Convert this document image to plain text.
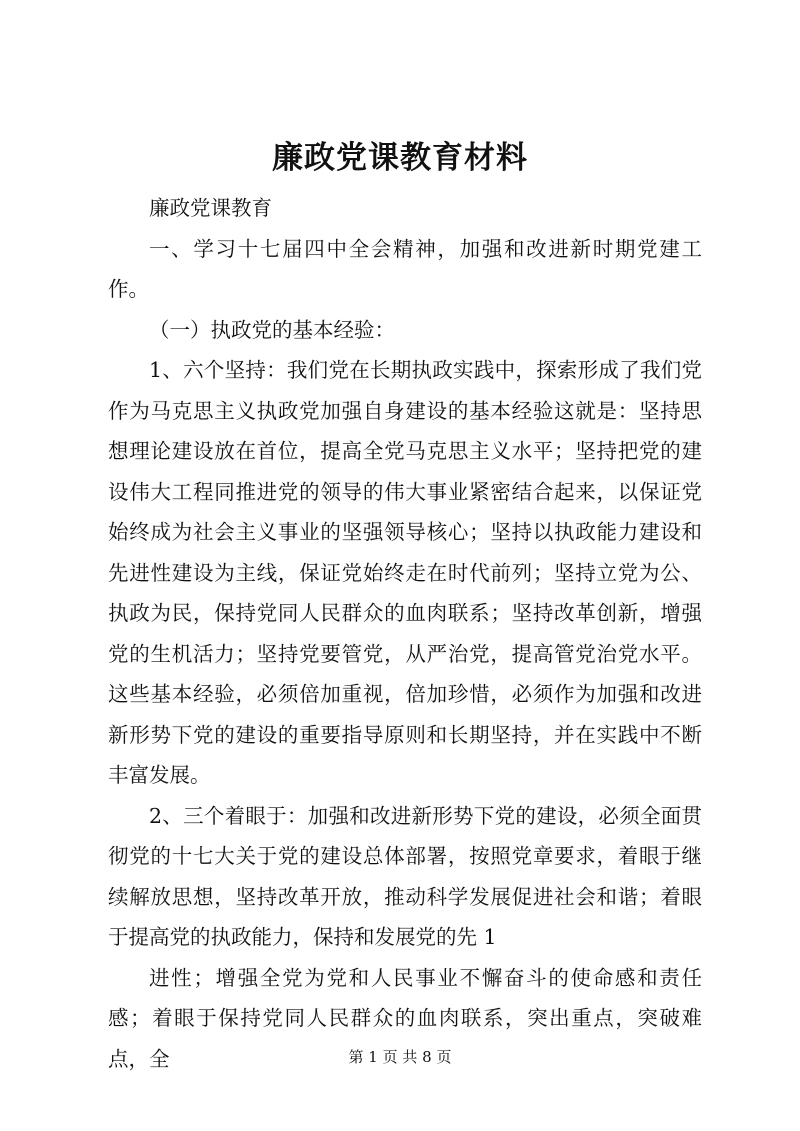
廉政党课教育材料

廉政党课教育

一、学习十七届四中全会精神，加强和改进新时期党建工作。

（一）执政党的基本经验：

1、六个坚持：我们党在长期执政实践中，探索形成了我们党作为马克思主义执政党加强自身建设的基本经验这就是：坚持思想理论建设放在首位，提高全党马克思主义水平；坚持把党的建设伟大工程同推进党的领导的伟大事业紧密结合起来，以保证党始终成为社会主义事业的坚强领导核心；坚持以执政能力建设和先进性建设为主线，保证党始终走在时代前列；坚持立党为公、执政为民，保持党同人民群众的血肉联系；坚持改革创新，增强党的生机活力；坚持党要管党，从严治党，提高管党治党水平。这些基本经验，必须倍加重视，倍加珍惜，必须作为加强和改进新形势下党的建设的重要指导原则和长期坚持，并在实践中不断丰富发展。

2、三个着眼于：加强和改进新形势下党的建设，必须全面贯彻党的十七大关于党的建设总体部署，按照党章要求，着眼于继续解放思想，坚持改革开放，推动科学发展促进社会和谐；着眼于提高党的执政能力，保持和发展党的先 1

进性；增强全党为党和人民事业不懈奋斗的使命感和责任感；着眼于保持党同人民群众的血肉联系，突出重点，突破难点，全	第 1 页 共 8 页
